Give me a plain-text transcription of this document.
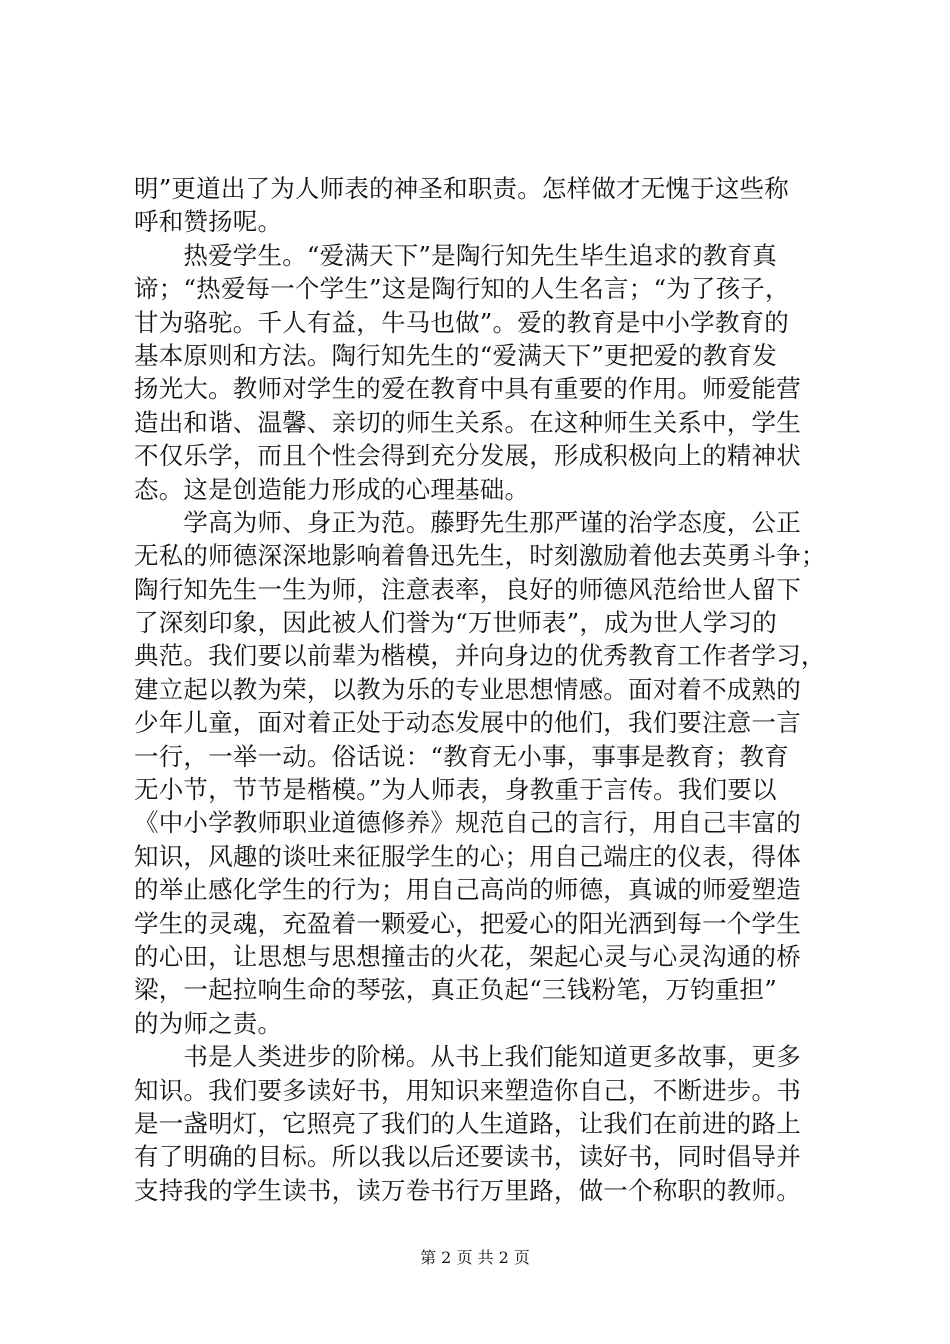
明”更道出了为人师表的神圣和职责。怎样做才无愧于这些称
呼和赞扬呢。
　　热爱学生。“爱满天下”是陶行知先生毕生追求的教育真
谛；“热爱每一个学生”这是陶行知的人生名言；“为了孩子，
甘为骆驼。千人有益，牛马也做”。爱的教育是中小学教育的
基本原则和方法。陶行知先生的“爱满天下”更把爱的教育发
扬光大。教师对学生的爱在教育中具有重要的作用。师爱能营
造出和谐、温馨、亲切的师生关系。在这种师生关系中，学生
不仅乐学，而且个性会得到充分发展，形成积极向上的精神状
态。这是创造能力形成的心理基础。
　　学高为师、身正为范。藤野先生那严谨的治学态度，公正
无私的师德深深地影响着鲁迅先生，时刻激励着他去英勇斗争；
陶行知先生一生为师，注意表率，良好的师德风范给世人留下
了深刻印象，因此被人们誉为“万世师表”，成为世人学习的
典范。我们要以前辈为楷模，并向身边的优秀教育工作者学习，
建立起以教为荣，以教为乐的专业思想情感。面对着不成熟的
少年儿童，面对着正处于动态发展中的他们，我们要注意一言
一行，一举一动。俗话说：“教育无小事，事事是教育；教育
无小节，节节是楷模。”为人师表，身教重于言传。我们要以
《中小学教师职业道德修养》规范自己的言行，用自己丰富的
知识，风趣的谈吐来征服学生的心；用自己端庄的仪表，得体
的举止感化学生的行为；用自己高尚的师德，真诚的师爱塑造
学生的灵魂，充盈着一颗爱心，把爱心的阳光洒到每一个学生
的心田，让思想与思想撞击的火花，架起心灵与心灵沟通的桥
梁，一起拉响生命的琴弦，真正负起“三钱粉笔，万钧重担”
的为师之责。
　　书是人类进步的阶梯。从书上我们能知道更多故事，更多
知识。我们要多读好书，用知识来塑造你自己，不断进步。书
是一盏明灯，它照亮了我们的人生道路，让我们在前进的路上
有了明确的目标。所以我以后还要读书，读好书，同时倡导并
支持我的学生读书，读万卷书行万里路，做一个称职的教师。
第 2 页 共 2 页
